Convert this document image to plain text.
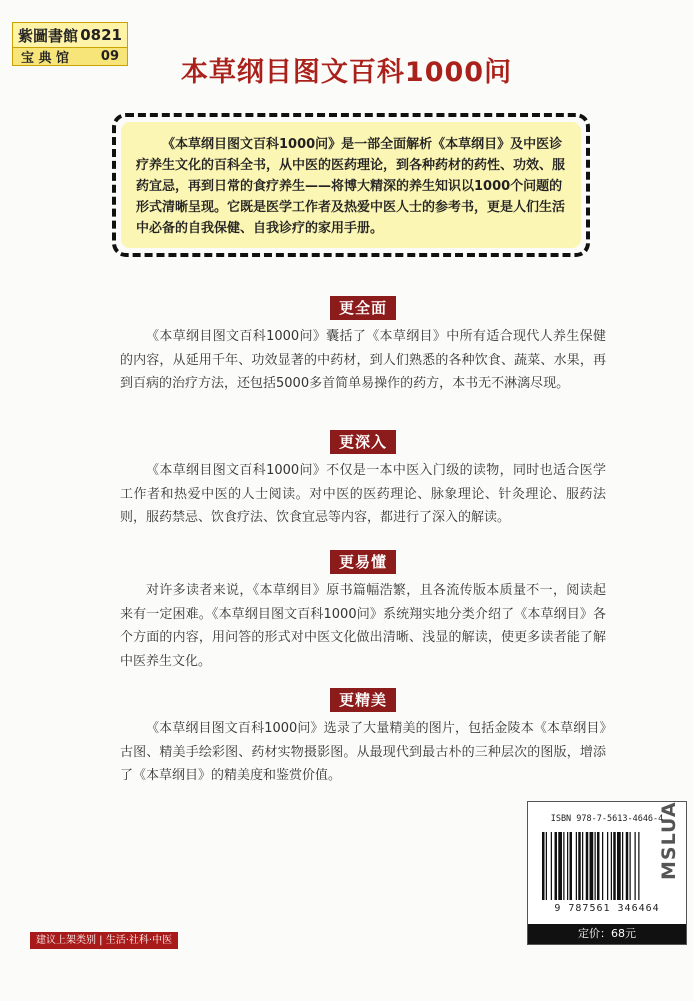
紫圖書館 0821
宝 典 馆 09
本草纲目图文百科1000问
《本草纲目图文百科1000问》是一部全面解析《本草纲目》及中医诊疗养生文化的百科全书，从中医的医药理论，到各种药材的药性、功效、服药宜忌，再到日常的食疗养生——将博大精深的养生知识以1000个问题的形式清晰呈现。它既是医学工作者及热爱中医人士的参考书，更是人们生活中必备的自我保健、自我诊疗的家用手册。
更全面

《本草纲目图文百科1000问》囊括了《本草纲目》中所有适合现代人养生保健的内容，从延用千年、功效显著的中药材，到人们熟悉的各种饮食、蔬菜、水果，再到百病的治疗方法，还包括5000多首简单易操作的药方，本书无不淋漓尽现。

更深入

《本草纲目图文百科1000问》不仅是一本中医入门级的读物，同时也适合医学工作者和热爱中医的人士阅读。对中医的医药理论、脉象理论、针灸理论、服药法则，服药禁忌、饮食疗法、饮食宜忌等内容，都进行了深入的解读。

更易懂

对许多读者来说，《本草纲目》原书篇幅浩繁，且各流传版本质量不一，阅读起来有一定困难。《本草纲目图文百科1000问》系统翔实地分类介绍了《本草纲目》各个方面的内容，用问答的形式对中医文化做出清晰、浅显的解读，使更多读者能了解中医养生文化。

更精美

《本草纲目图文百科1000问》选录了大量精美的图片，包括金陵本《本草纲目》古图、精美手绘彩图、药材实物摄影图。从最现代到最古朴的三种层次的图版，增添了《本草纲目》的精美度和鉴赏价值。

ISBN 978-7-5613-4646-4
9 787561 346464
定价：68元
建议上架类别 | 生活·社科·中医
MSLUA
